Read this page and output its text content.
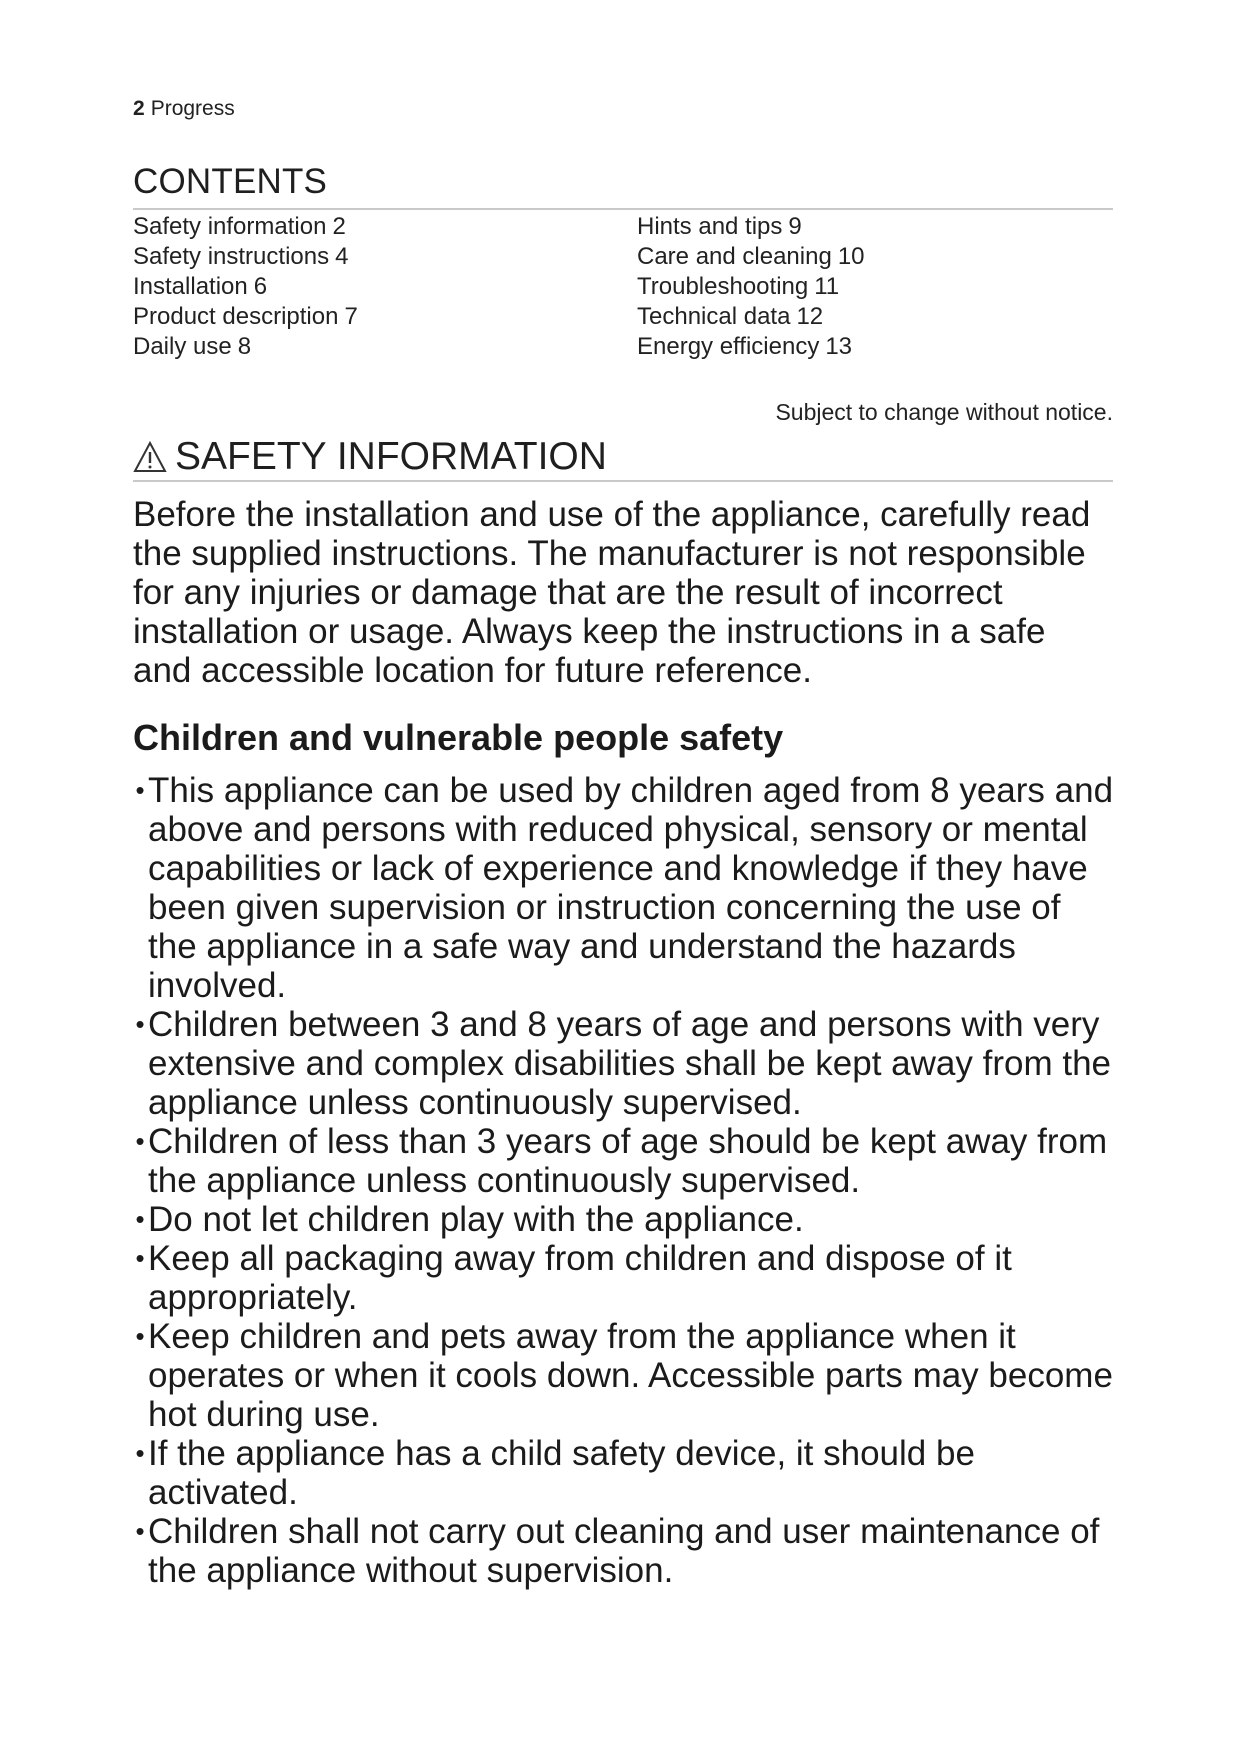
2 Progress
CONTENTS
Safety information 2
Safety instructions 4
Installation 6
Product description 7
Daily use 8
Hints and tips 9
Care and cleaning 10
Troubleshooting 11
Technical data 12
Energy efficiency 13
Subject to change without notice.
SAFETY INFORMATION
Before the installation and use of the appliance, carefully read the supplied instructions. The manufacturer is not responsible for any injuries or damage that are the result of incorrect installation or usage. Always keep the instructions in a safe and accessible location for future reference.
Children and vulnerable people safety
• This appliance can be used by children aged from 8 years and above and persons with reduced physical, sensory or mental capabilities or lack of experience and knowledge if they have been given supervision or instruction concerning the use of the appliance in a safe way and understand the hazards involved.
• Children between 3 and 8 years of age and persons with very extensive and complex disabilities shall be kept away from the appliance unless continuously supervised.
• Children of less than 3 years of age should be kept away from the appliance unless continuously supervised.
• Do not let children play with the appliance.
• Keep all packaging away from children and dispose of it appropriately.
• Keep children and pets away from the appliance when it operates or when it cools down. Accessible parts may become hot during use.
• If the appliance has a child safety device, it should be activated.
• Children shall not carry out cleaning and user maintenance of the appliance without supervision.
